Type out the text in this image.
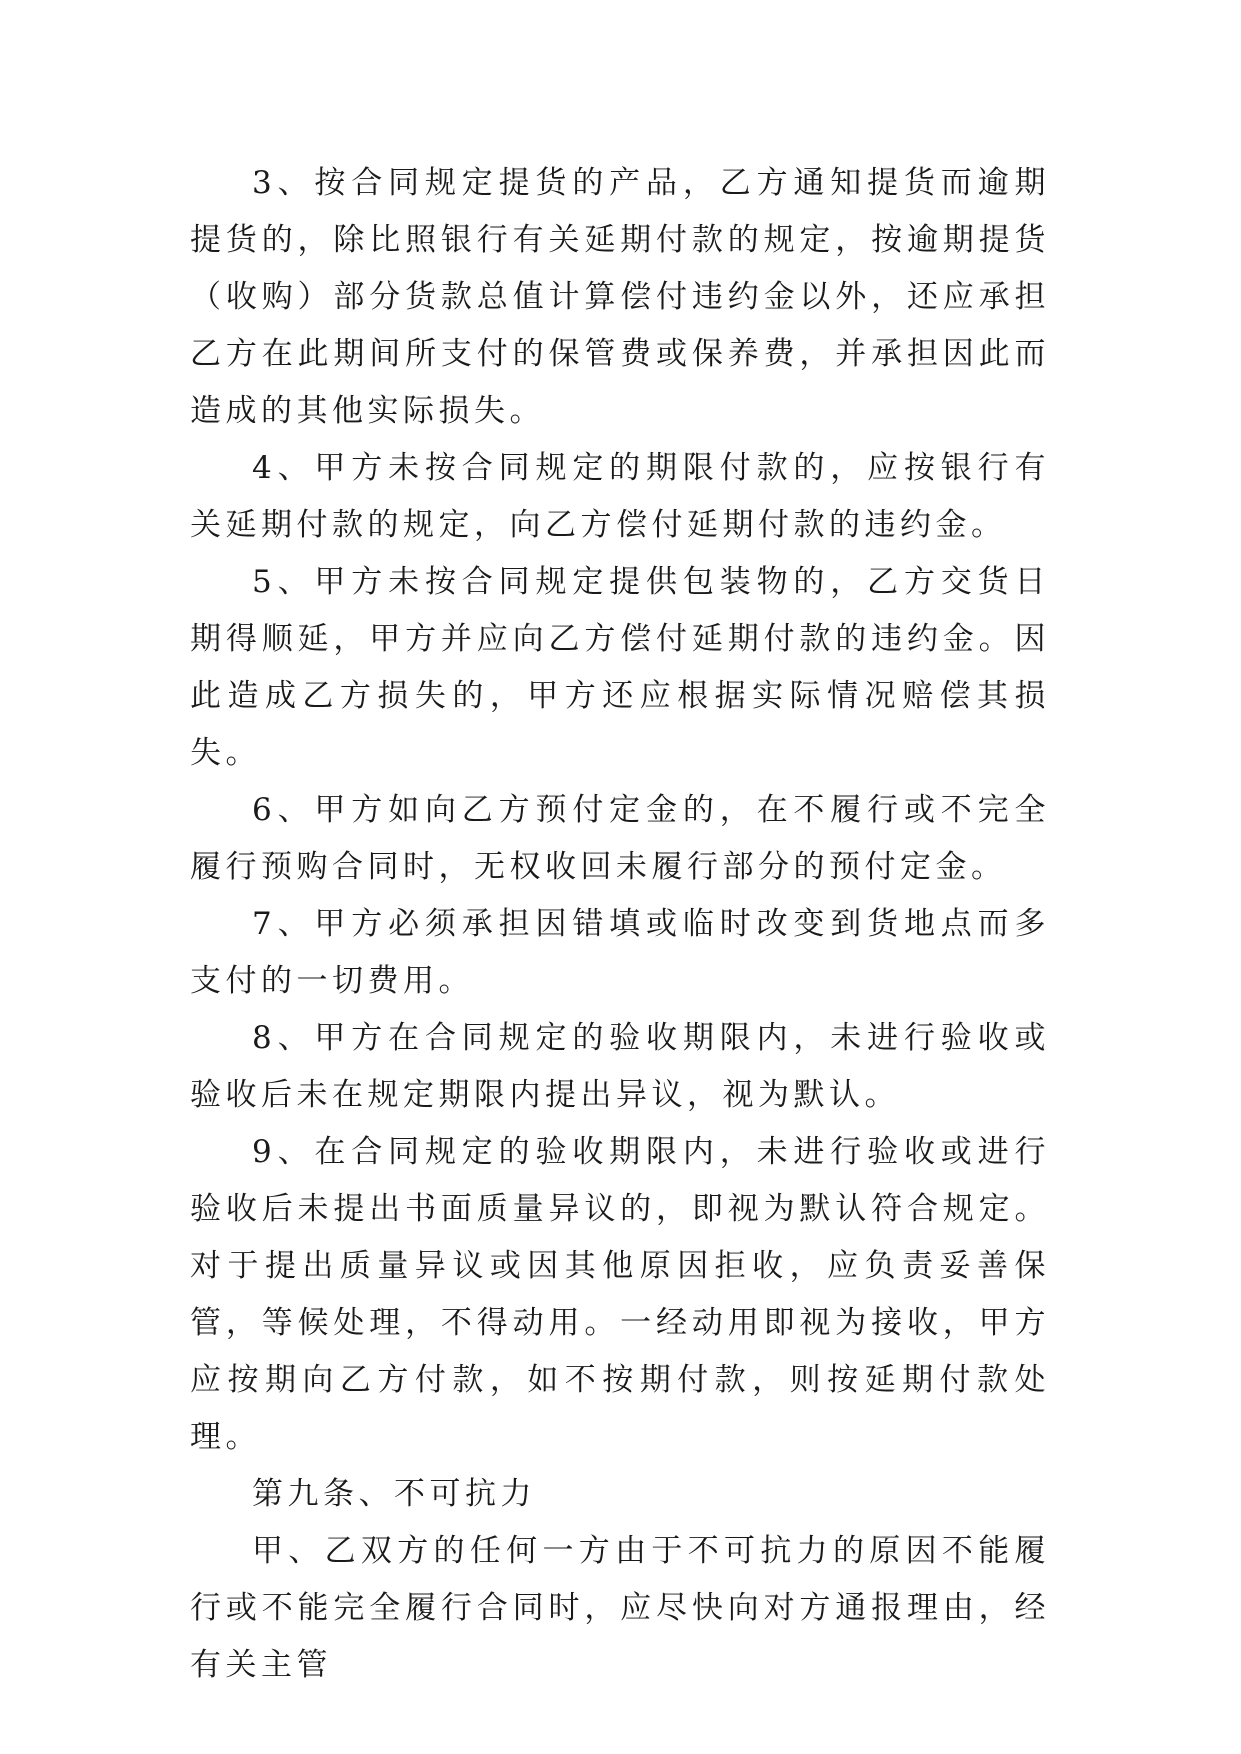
3、按合同规定提货的产品，乙方通知提货而逾期提货的，除比照银行有关延期付款的规定，按逾期提货（收购）部分货款总值计算偿付违约金以外，还应承担乙方在此期间所支付的保管费或保养费，并承担因此而造成的其他实际损失。

4、甲方未按合同规定的期限付款的，应按银行有关延期付款的规定，向乙方偿付延期付款的违约金。

5、甲方未按合同规定提供包装物的，乙方交货日期得顺延，甲方并应向乙方偿付延期付款的违约金。因此造成乙方损失的，甲方还应根据实际情况赔偿其损失。

6、甲方如向乙方预付定金的，在不履行或不完全履行预购合同时，无权收回未履行部分的预付定金。

7、甲方必须承担因错填或临时改变到货地点而多支付的一切费用。

8、甲方在合同规定的验收期限内，未进行验收或验收后未在规定期限内提出异议，视为默认。

9、在合同规定的验收期限内，未进行验收或进行验收后未提出书面质量异议的，即视为默认符合规定。对于提出质量异议或因其他原因拒收，应负责妥善保管，等候处理，不得动用。一经动用即视为接收，甲方应按期向乙方付款，如不按期付款，则按延期付款处理。

第九条、不可抗力

甲、乙双方的任何一方由于不可抗力的原因不能履行或不能完全履行合同时，应尽快向对方通报理由，经有关主管
